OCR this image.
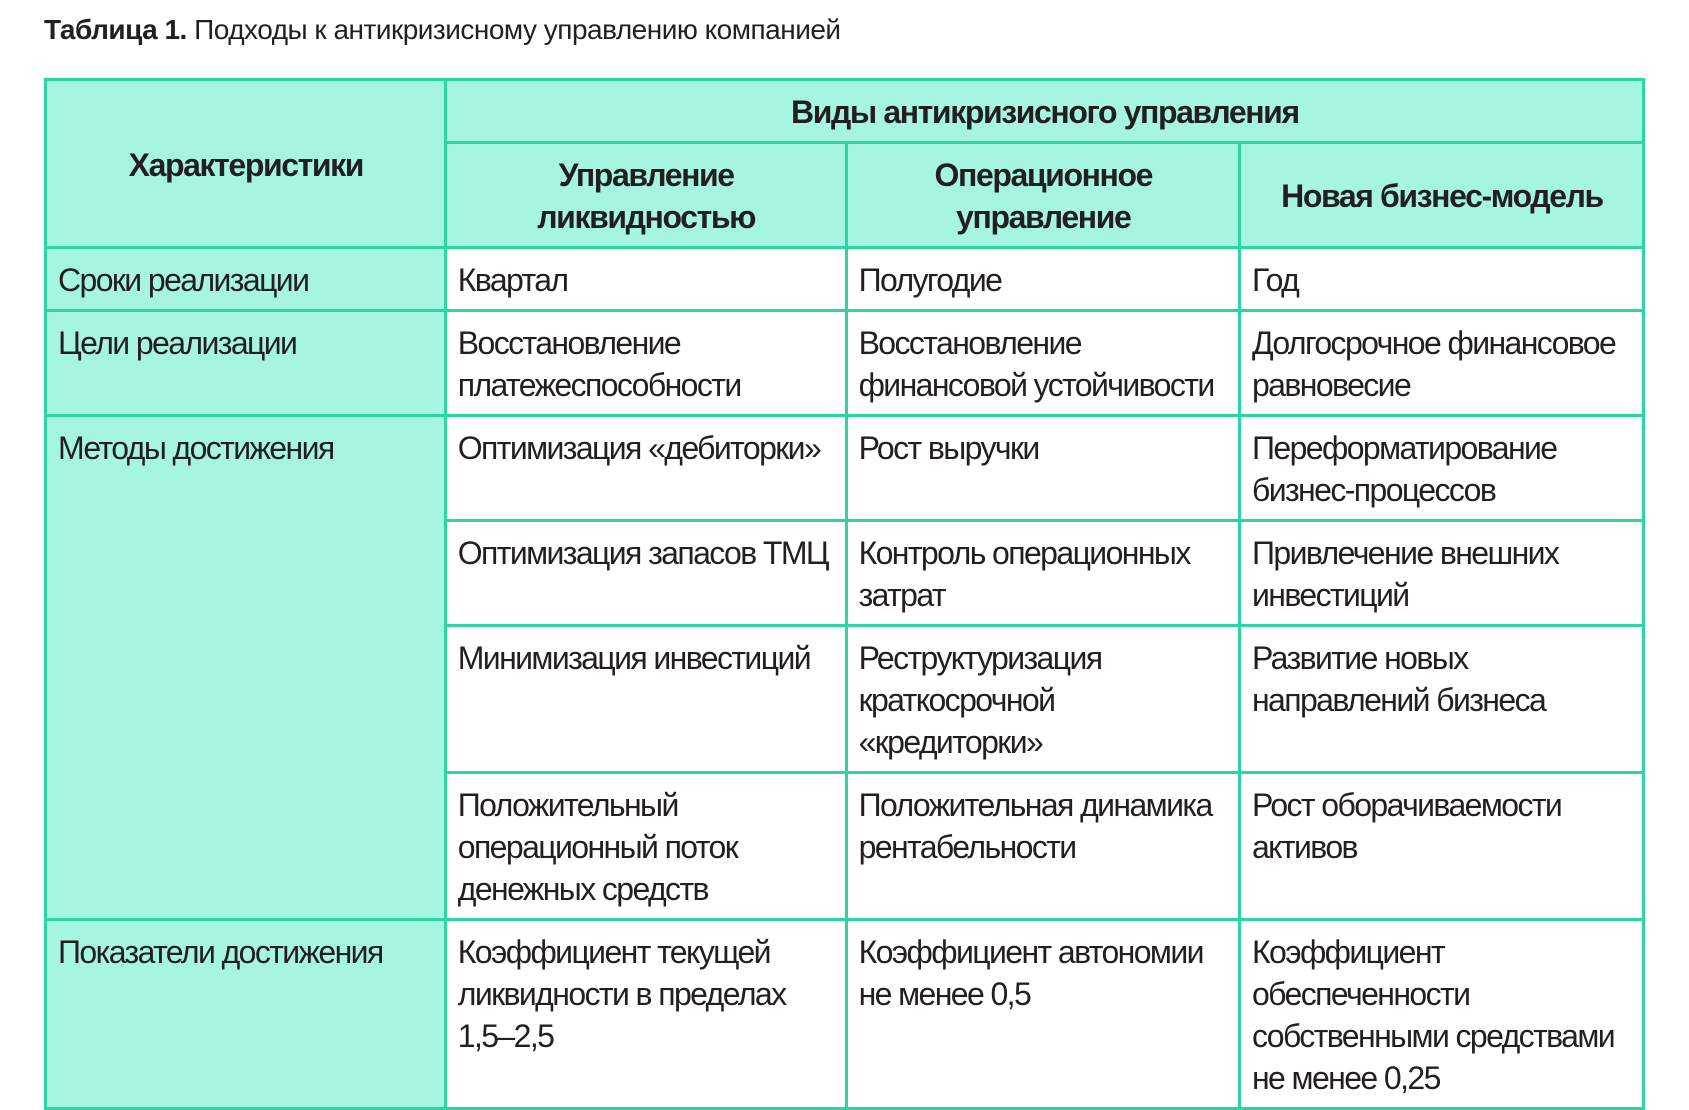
Таблица 1. Подходы к антикризисному управлению компанией
Характеристики	Виды антикризисного управления		
	Управление ликвидностью	Операционное управление	Новая бизнес-модель
Сроки реализации	Квартал	Полугодие	Год
Цели реализации	Восстановление платежеспособности	Восстановление финансовой устойчивости	Долгосрочное финансовое равновесие
Методы достижения	Оптимизация «дебиторки»	Рост выручки	Переформатирование бизнес-процессов
	Оптимизация запасов ТМЦ	Контроль операционных затрат	Привлечение внешних инвестиций
	Минимизация инвестиций	Реструктуризация краткосрочной «кредиторки»	Развитие новых направлений бизнеса
	Положительный операционный поток денежных средств	Положительная динамика рентабельности	Рост оборачиваемости активов
Показатели достижения	Коэффициент текущей ликвидности в пределах 1,5–2,5	Коэффициент автономии не менее 0,5	Коэффициент обеспеченности собственными средствами не менее 0,25
